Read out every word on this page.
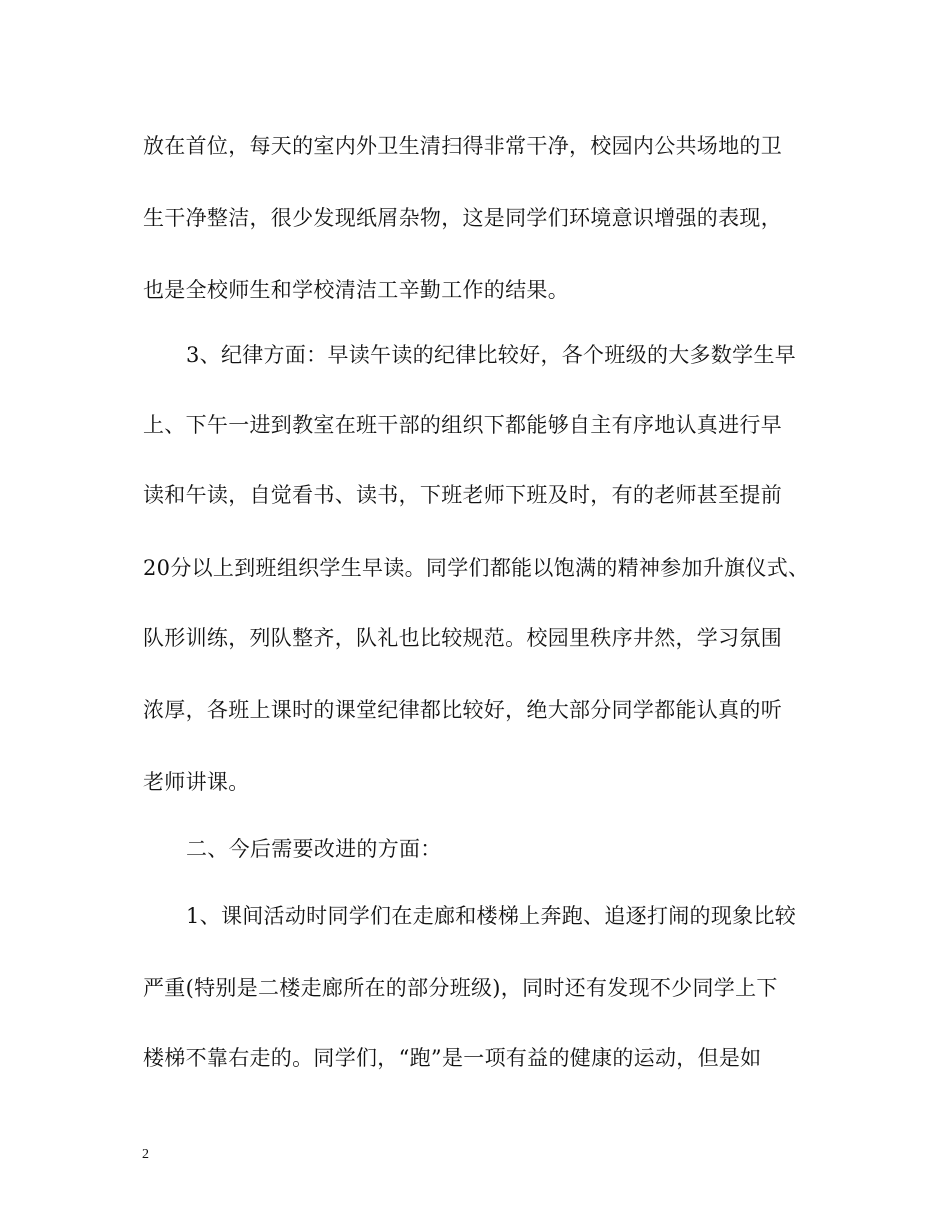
放在首位，每天的室内外卫生清扫得非常干净，校园内公共场地的卫

生干净整洁，很少发现纸屑杂物，这是同学们环境意识增强的表现，

也是全校师生和学校清洁工辛勤工作的结果。

3、纪律方面：早读午读的纪律比较好，各个班级的大多数学生早

上、下午一进到教室在班干部的组织下都能够自主有序地认真进行早

读和午读，自觉看书、读书，下班老师下班及时，有的老师甚至提前

20分以上到班组织学生早读。同学们都能以饱满的精神参加升旗仪式、

队形训练，列队整齐，队礼也比较规范。校园里秩序井然，学习氛围

浓厚，各班上课时的课堂纪律都比较好，绝大部分同学都能认真的听

老师讲课。

二、今后需要改进的方面：

1、课间活动时同学们在走廊和楼梯上奔跑、追逐打闹的现象比较

严重(特别是二楼走廊所在的部分班级)，同时还有发现不少同学上下

楼梯不靠右走的。同学们，“跑”是一项有益的健康的运动，但是如

2
